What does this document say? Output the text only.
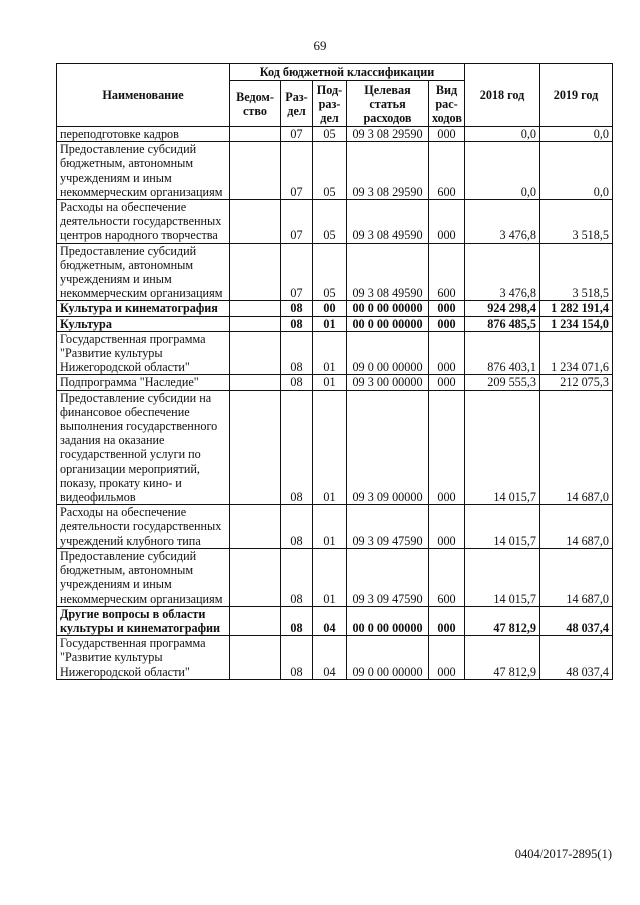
69
Наименование	Код бюджетной классификации					2018 год	2019 год
	Ведом-ство	Раз-дел	Под-раз-дел	Целевая статья расходов	Вид рас-ходов		
переподготовке кадров		07	05	09 3 08 29590	000	0,0	0,0
Предоставление субсидий бюджетным, автономным учреждениям и иным некоммерческим организациям		07	05	09 3 08 29590	600	0,0	0,0
Расходы на обеспечение деятельности государственных центров народного творчества		07	05	09 3 08 49590	000	3 476,8	3 518,5
Предоставление субсидий бюджетным, автономным учреждениям и иным некоммерческим организациям		07	05	09 3 08 49590	600	3 476,8	3 518,5
Культура и кинематография		08	00	00 0 00 00000	000	924 298,4	1 282 191,4
Культура		08	01	00 0 00 00000	000	876 485,5	1 234 154,0
Государственная программа "Развитие культуры Нижегородской области"		08	01	09 0 00 00000	000	876 403,1	1 234 071,6
Подпрограмма "Наследие"		08	01	09 3 00 00000	000	209 555,3	212 075,3
Предоставление субсидии на финансовое обеспечение выполнения государственного задания на оказание государственной услуги по организации мероприятий, показу, прокату кино- и видеофильмов		08	01	09 3 09 00000	000	14 015,7	14 687,0
Расходы на обеспечение деятельности государственных учреждений клубного типа		08	01	09 3 09 47590	000	14 015,7	14 687,0
Предоставление субсидий бюджетным, автономным учреждениям и иным некоммерческим организациям		08	01	09 3 09 47590	600	14 015,7	14 687,0
Другие вопросы в области культуры и кинематографии		08	04	00 0 00 00000	000	47 812,9	48 037,4
Государственная программа "Развитие культуры Нижегородской области"		08	04	09 0 00 00000	000	47 812,9	48 037,4
0404/2017-2895(1)
